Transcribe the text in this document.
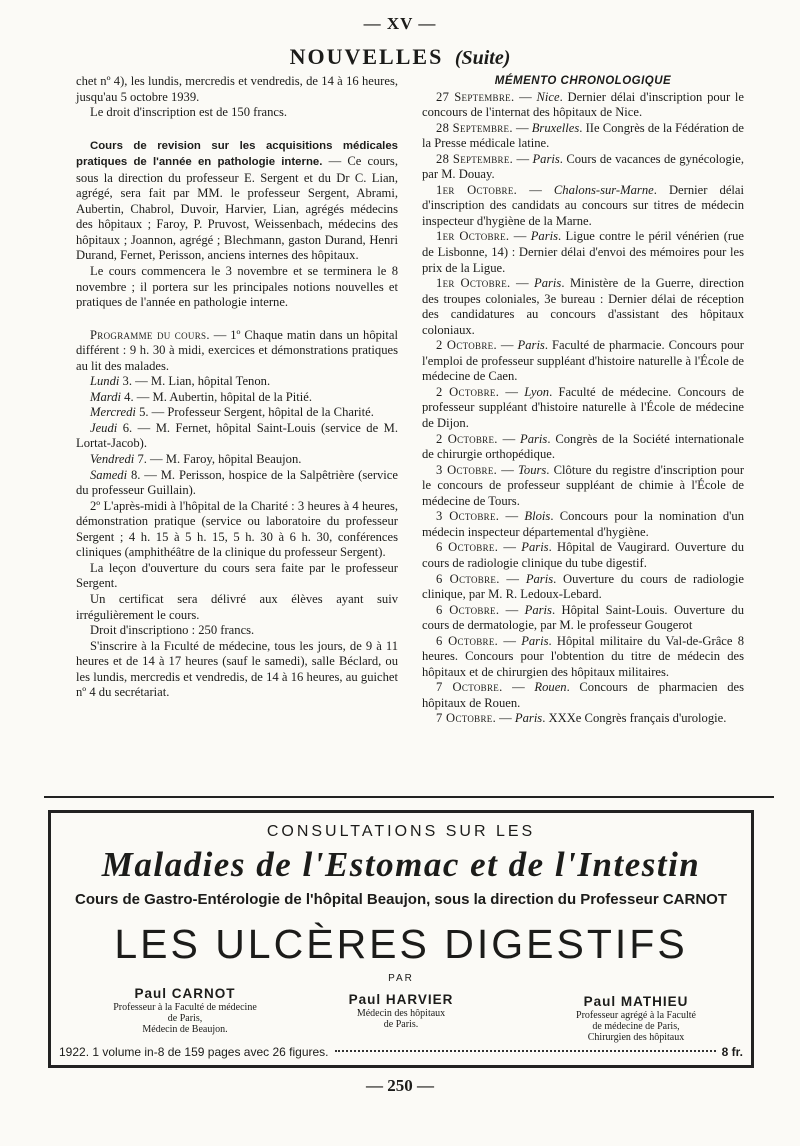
— XV —
NOUVELLES (Suite)

chet nº 4), les lundis, mercredis et vendredis, de 14 à 16 heures, jusqu'au 5 octobre 1939.

Le droit d'inscription est de 150 francs.

Cours de revision sur les acquisitions médicales pratiques de l'année en pathologie interne. — Ce cours, sous la direction du professeur E. Sergent et du Dr C. Lian, agrégé, sera fait par MM. le professeur Sergent, Abrami, Aubertin, Chabrol, Duvoir, Harvier, Lian, agrégés médecins des hôpitaux ; Faroy, P. Pruvost, Weissenbach, médecins des hôpitaux ; Joannon, agrégé ; Blechmann, gaston Durand, Henri Durand, Fernet, Perisson, anciens internes des hôpitaux.

Le cours commencera le 3 novembre et se terminera le 8 novembre ; il portera sur les principales notions nouvelles et pratiques de l'année en pathologie interne.

Programme du cours. — 1º Chaque matin dans un hôpital différent : 9 h. 30 à midi, exercices et démonstrations pratiques au lit des malades.

Lundi 3. — M. Lian, hôpital Tenon.

Mardi 4. — M. Aubertin, hôpital de la Pitié.

Mercredi 5. — Professeur Sergent, hôpital de la Charité.

Jeudi 6. — M. Fernet, hôpital Saint-Louis (service de M. Lortat-Jacob).

Vendredi 7. — M. Faroy, hôpital Beaujon.

Samedi 8. — M. Perisson, hospice de la Salpêtrière (service du professeur Guillain).

2º L'après-midi à l'hôpital de la Charité : 3 heures à 4 heures, démonstration pratique (service ou laboratoire du professeur Sergent ; 4 h. 15 à 5 h. 15, 5 h. 30 à 6 h. 30, conférences cliniques (amphithéâtre de la clinique du professeur Sergent).

La leçon d'ouverture du cours sera faite par le professeur Sergent.

Un certificat sera délivré aux élèves ayant suiv irrégulièrement le cours.

Droit d'inscriptiono : 250 francs.

S'inscrire à la Fıculté de médecine, tous les jours, de 9 à 11 heures et de 14 à 17 heures (sauf le samedi), salle Béclard, ou les lundis, mercredis et vendredis, de 14 à 16 heures, au guichet nº 4 du secrétariat.

MÉMENTO CHRONOLOGIQUE

27 Septembre. — Nice. Dernier délai d'inscription pour le concours de l'internat des hôpitaux de Nice.

28 Septembre. — Bruxelles. IIe Congrès de la Fédération de la Presse médicale latine.

28 Septembre. — Paris. Cours de vacances de gynécologie, par M. Douay.

1er Octobre. — Chalons-sur-Marne. Dernier délai d'inscription des candidats au concours sur titres de médecin inspecteur d'hygiène de la Marne.

1er Octobre. — Paris. Ligue contre le péril vénérien (rue de Lisbonne, 14) : Dernier délai d'envoi des mémoires pour les prix de la Ligue.

1er Octobre. — Paris. Ministère de la Guerre, direction des troupes coloniales, 3e bureau : Dernier délai de réception des candidatures au concours d'assistant des hôpitaux coloniaux.

2 Octobre. — Paris. Faculté de pharmacie. Concours pour l'emploi de professeur suppléant d'histoire naturelle à l'École de médecine de Caen.

2 Octobre. — Lyon. Faculté de médecine. Concours de professeur suppléant d'histoire naturelle à l'École de médecine de Dijon.

2 Octobre. — Paris. Congrès de la Société internationale de chirurgie orthopédique.

3 Octobre. — Tours. Clôture du registre d'inscription pour le concours de professeur suppléant de chimie à l'École de médecine de Tours.

3 Octobre. — Blois. Concours pour la nomination d'un médecin inspecteur départemental d'hygiène.

6 Octobre. — Paris. Hôpital de Vaugirard. Ouverture du cours de radiologie clinique du tube digestif.

6 Octobre. — Paris. Ouverture du cours de radiologie clinique, par M. R. Ledoux-Lebard.

6 Octobre. — Paris. Hôpital Saint-Louis. Ouverture du cours de dermatologie, par M. le professeur Gougerot

6 Octobre. — Paris. Hôpital militaire du Val-de-Grâce 8 heures. Concours pour l'obtention du titre de médecin des hôpitaux et de chirurgien des hôpitaux militaires.

7 Octobre. — Rouen. Concours de pharmacien des hôpitaux de Rouen.

7 Octobre. — Paris. XXXe Congrès français d'urologie.

CONSULTATIONS SUR LES
Maladies de l'Estomac et de l'Intestin
Cours de Gastro-Entérologie de l'hôpital Beaujon, sous la direction du Professeur CARNOT
LES ULCÈRES DIGESTIFS
PAR
Paul CARNOT
Professeur à la Faculté de médecine
de Paris,
Médecin de Beaujon.
Paul HARVIER
Médecin des hôpitaux
de Paris.
Paul MATHIEU
Professeur agrégé à la Faculté
de médecine de Paris,
Chirurgien des hôpitaux
1922. 1 volume in-8 de 159 pages avec 26 figures.	8 fr.
— 250 —
